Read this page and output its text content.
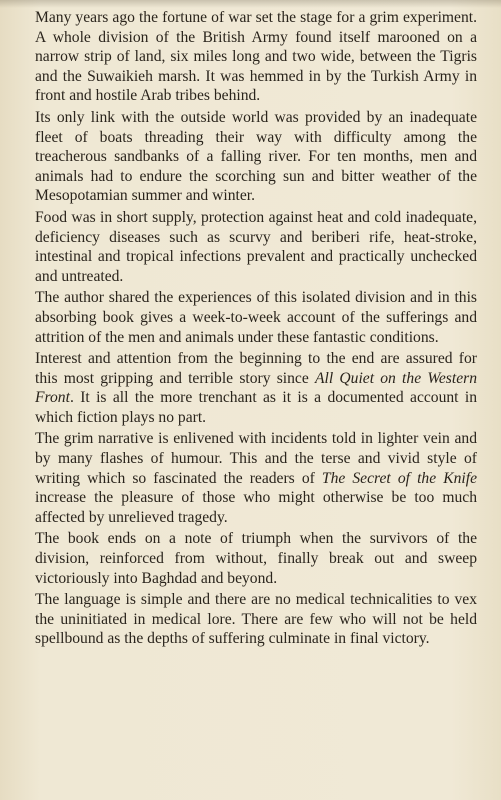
Many years ago the fortune of war set the stage for a grim experiment. A whole division of the British Army found itself marooned on a narrow strip of land, six miles long and two wide, between the Tigris and the Suwaikieh marsh. It was hemmed in by the Turkish Army in front and hostile Arab tribes behind.

Its only link with the outside world was provided by an inadequate fleet of boats threading their way with difficulty among the treacherous sandbanks of a falling river. For ten months, men and animals had to endure the scorching sun and bitter weather of the Mesopotamian summer and winter.

Food was in short supply, protection against heat and cold inadequate, deficiency diseases such as scurvy and beriberi rife, heat-stroke, intestinal and tropical infections prevalent and practically unchecked and untreated.

The author shared the experiences of this isolated division and in this absorbing book gives a week-to-week account of the sufferings and attrition of the men and animals under these fantastic conditions.

Interest and attention from the beginning to the end are assured for this most gripping and terrible story since All Quiet on the Western Front. It is all the more trenchant as it is a documented account in which fiction plays no part.

The grim narrative is enlivened with incidents told in lighter vein and by many flashes of humour. This and the terse and vivid style of writing which so fascinated the readers of The Secret of the Knife increase the pleasure of those who might otherwise be too much affected by unrelieved tragedy.

The book ends on a note of triumph when the survivors of the division, reinforced from without, finally break out and sweep victoriously into Baghdad and beyond.

The language is simple and there are no medical technicalities to vex the uninitiated in medical lore. There are few who will not be held spellbound as the depths of suffering culminate in final victory.
